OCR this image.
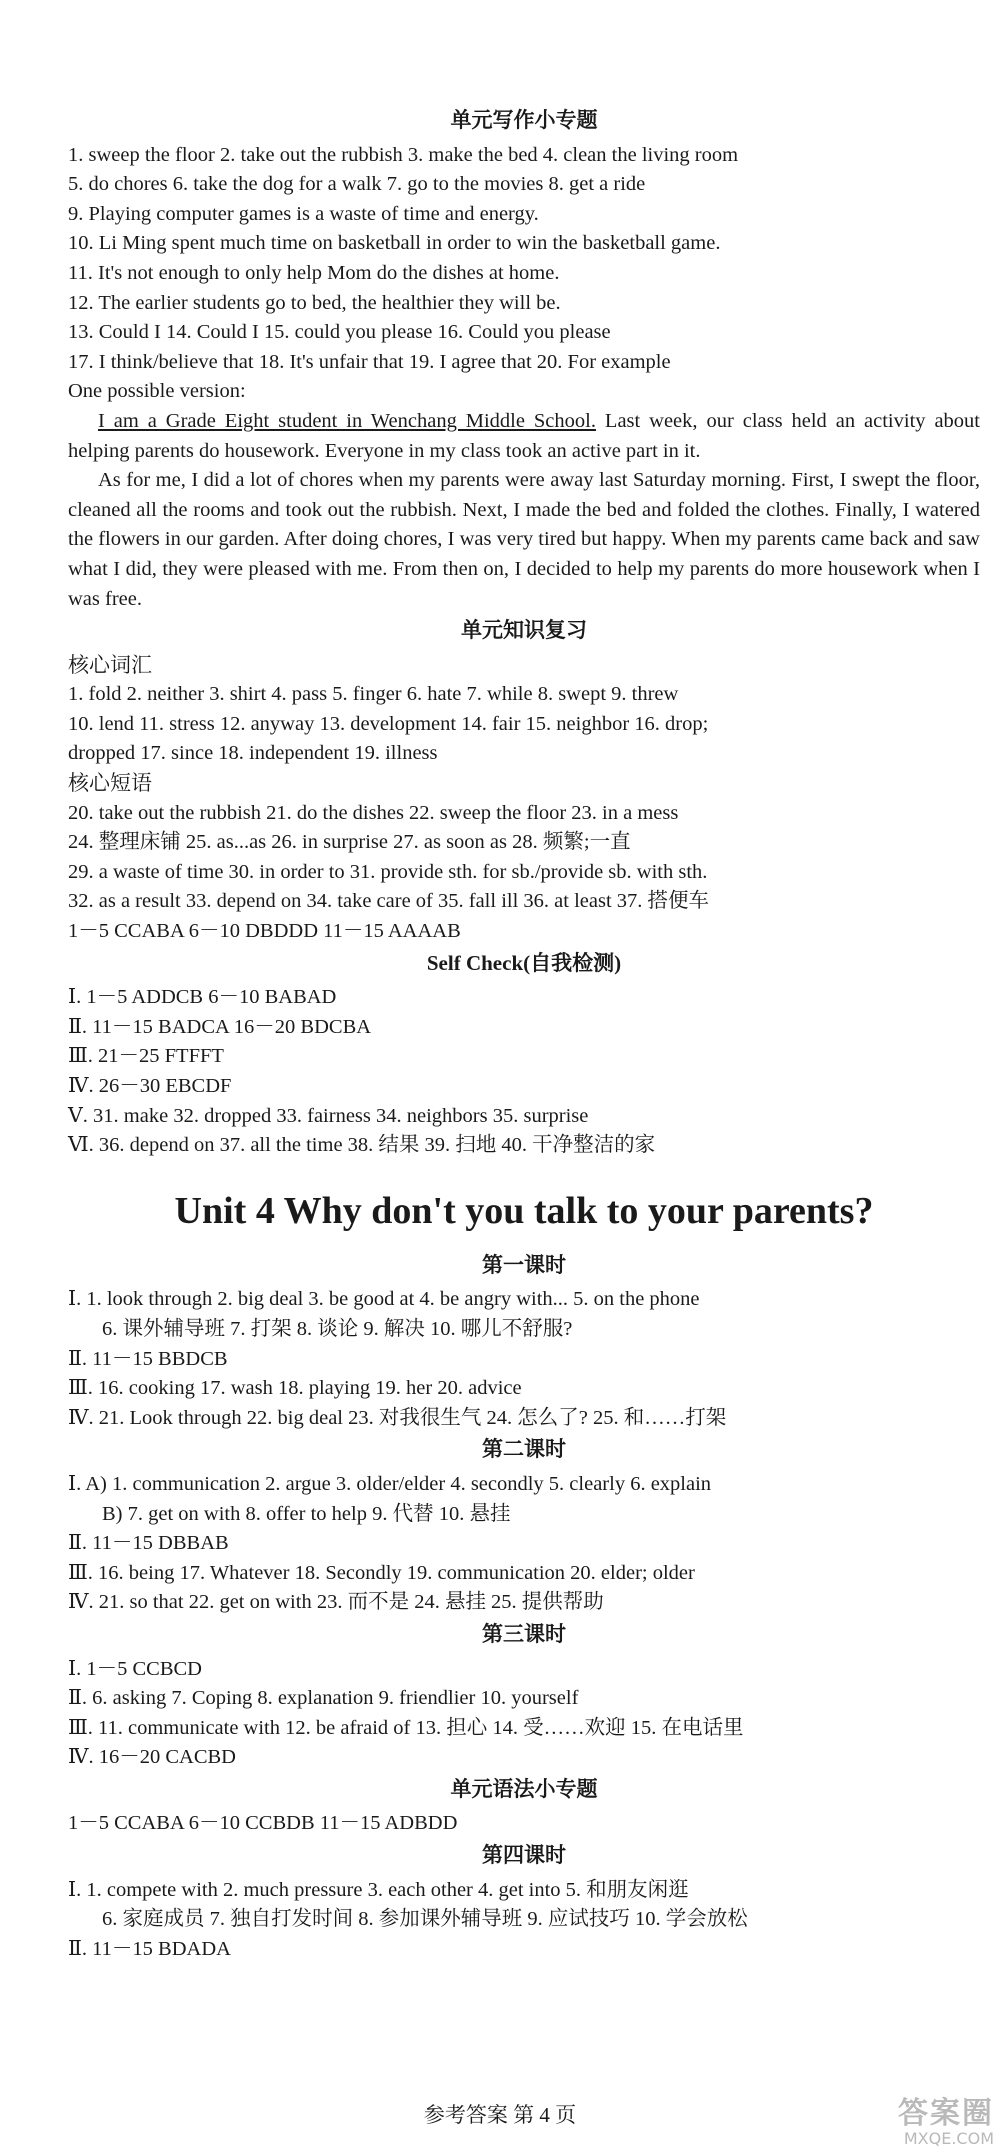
单元写作小专题
1. sweep the floor 2. take out the rubbish 3. make the bed 4. clean the living room
5. do chores 6. take the dog for a walk 7. go to the movies 8. get a ride
9. Playing computer games is a waste of time and energy.
10. Li Ming spent much time on basketball in order to win the basketball game.
11. It's not enough to only help Mom do the dishes at home.
12. The earlier students go to bed, the healthier they will be.
13. Could I 14. Could I 15. could you please 16. Could you please
17. I think/believe that 18. It's unfair that 19. I agree that 20. For example
One possible version:

I am a Grade Eight student in Wenchang Middle School. Last week, our class held an activity about helping parents do housework. Everyone in my class took an active part in it.

As for me, I did a lot of chores when my parents were away last Saturday morning. First, I swept the floor, cleaned all the rooms and took out the rubbish. Next, I made the bed and folded the clothes. Finally, I watered the flowers in our garden. After doing chores, I was very tired but happy. When my parents came back and saw what I did, they were pleased with me. From then on, I decided to help my parents do more housework when I was free.

单元知识复习
核心词汇
1. fold 2. neither 3. shirt 4. pass 5. finger 6. hate 7. while 8. swept 9. threw
10. lend 11. stress 12. anyway 13. development 14. fair 15. neighbor 16. drop;
dropped 17. since 18. independent 19. illness
核心短语
20. take out the rubbish 21. do the dishes 22. sweep the floor 23. in a mess
24. 整理床铺 25. as...as 26. in surprise 27. as soon as 28. 频繁;一直
29. a waste of time 30. in order to 31. provide sth. for sb./provide sb. with sth.
32. as a result 33. depend on 34. take care of 35. fall ill 36. at least 37. 搭便车
1－5 CCABA 6－10 DBDDD 11－15 AAAAB
Self Check(自我检测)
Ⅰ. 1－5 ADDCB 6－10 BABAD
Ⅱ. 11－15 BADCA 16－20 BDCBA
Ⅲ. 21－25 FTFFT
Ⅳ. 26－30 EBCDF
Ⅴ. 31. make 32. dropped 33. fairness 34. neighbors 35. surprise
Ⅵ. 36. depend on 37. all the time 38. 结果 39. 扫地 40. 干净整洁的家
Unit 4 Why don't you talk to your parents?
第一课时
Ⅰ. 1. look through 2. big deal 3. be good at 4. be angry with... 5. on the phone
6. 课外辅导班 7. 打架 8. 谈论 9. 解决 10. 哪儿不舒服?
Ⅱ. 11－15 BBDCB
Ⅲ. 16. cooking 17. wash 18. playing 19. her 20. advice
Ⅳ. 21. Look through 22. big deal 23. 对我很生气 24. 怎么了? 25. 和……打架
第二课时
Ⅰ. A) 1. communication 2. argue 3. older/elder 4. secondly 5. clearly 6. explain
B) 7. get on with 8. offer to help 9. 代替 10. 悬挂
Ⅱ. 11－15 DBBAB
Ⅲ. 16. being 17. Whatever 18. Secondly 19. communication 20. elder; older
Ⅳ. 21. so that 22. get on with 23. 而不是 24. 悬挂 25. 提供帮助
第三课时
Ⅰ. 1－5 CCBCD
Ⅱ. 6. asking 7. Coping 8. explanation 9. friendlier 10. yourself
Ⅲ. 11. communicate with 12. be afraid of 13. 担心 14. 受……欢迎 15. 在电话里
Ⅳ. 16－20 CACBD
单元语法小专题
1－5 CCABA 6－10 CCBDB 11－15 ADBDD
第四课时
Ⅰ. 1. compete with 2. much pressure 3. each other 4. get into 5. 和朋友闲逛
6. 家庭成员 7. 独自打发时间 8. 参加课外辅导班 9. 应试技巧 10. 学会放松
Ⅱ. 11－15 BDADA
参考答案 第 4 页	答案圈
MXQE.COM
